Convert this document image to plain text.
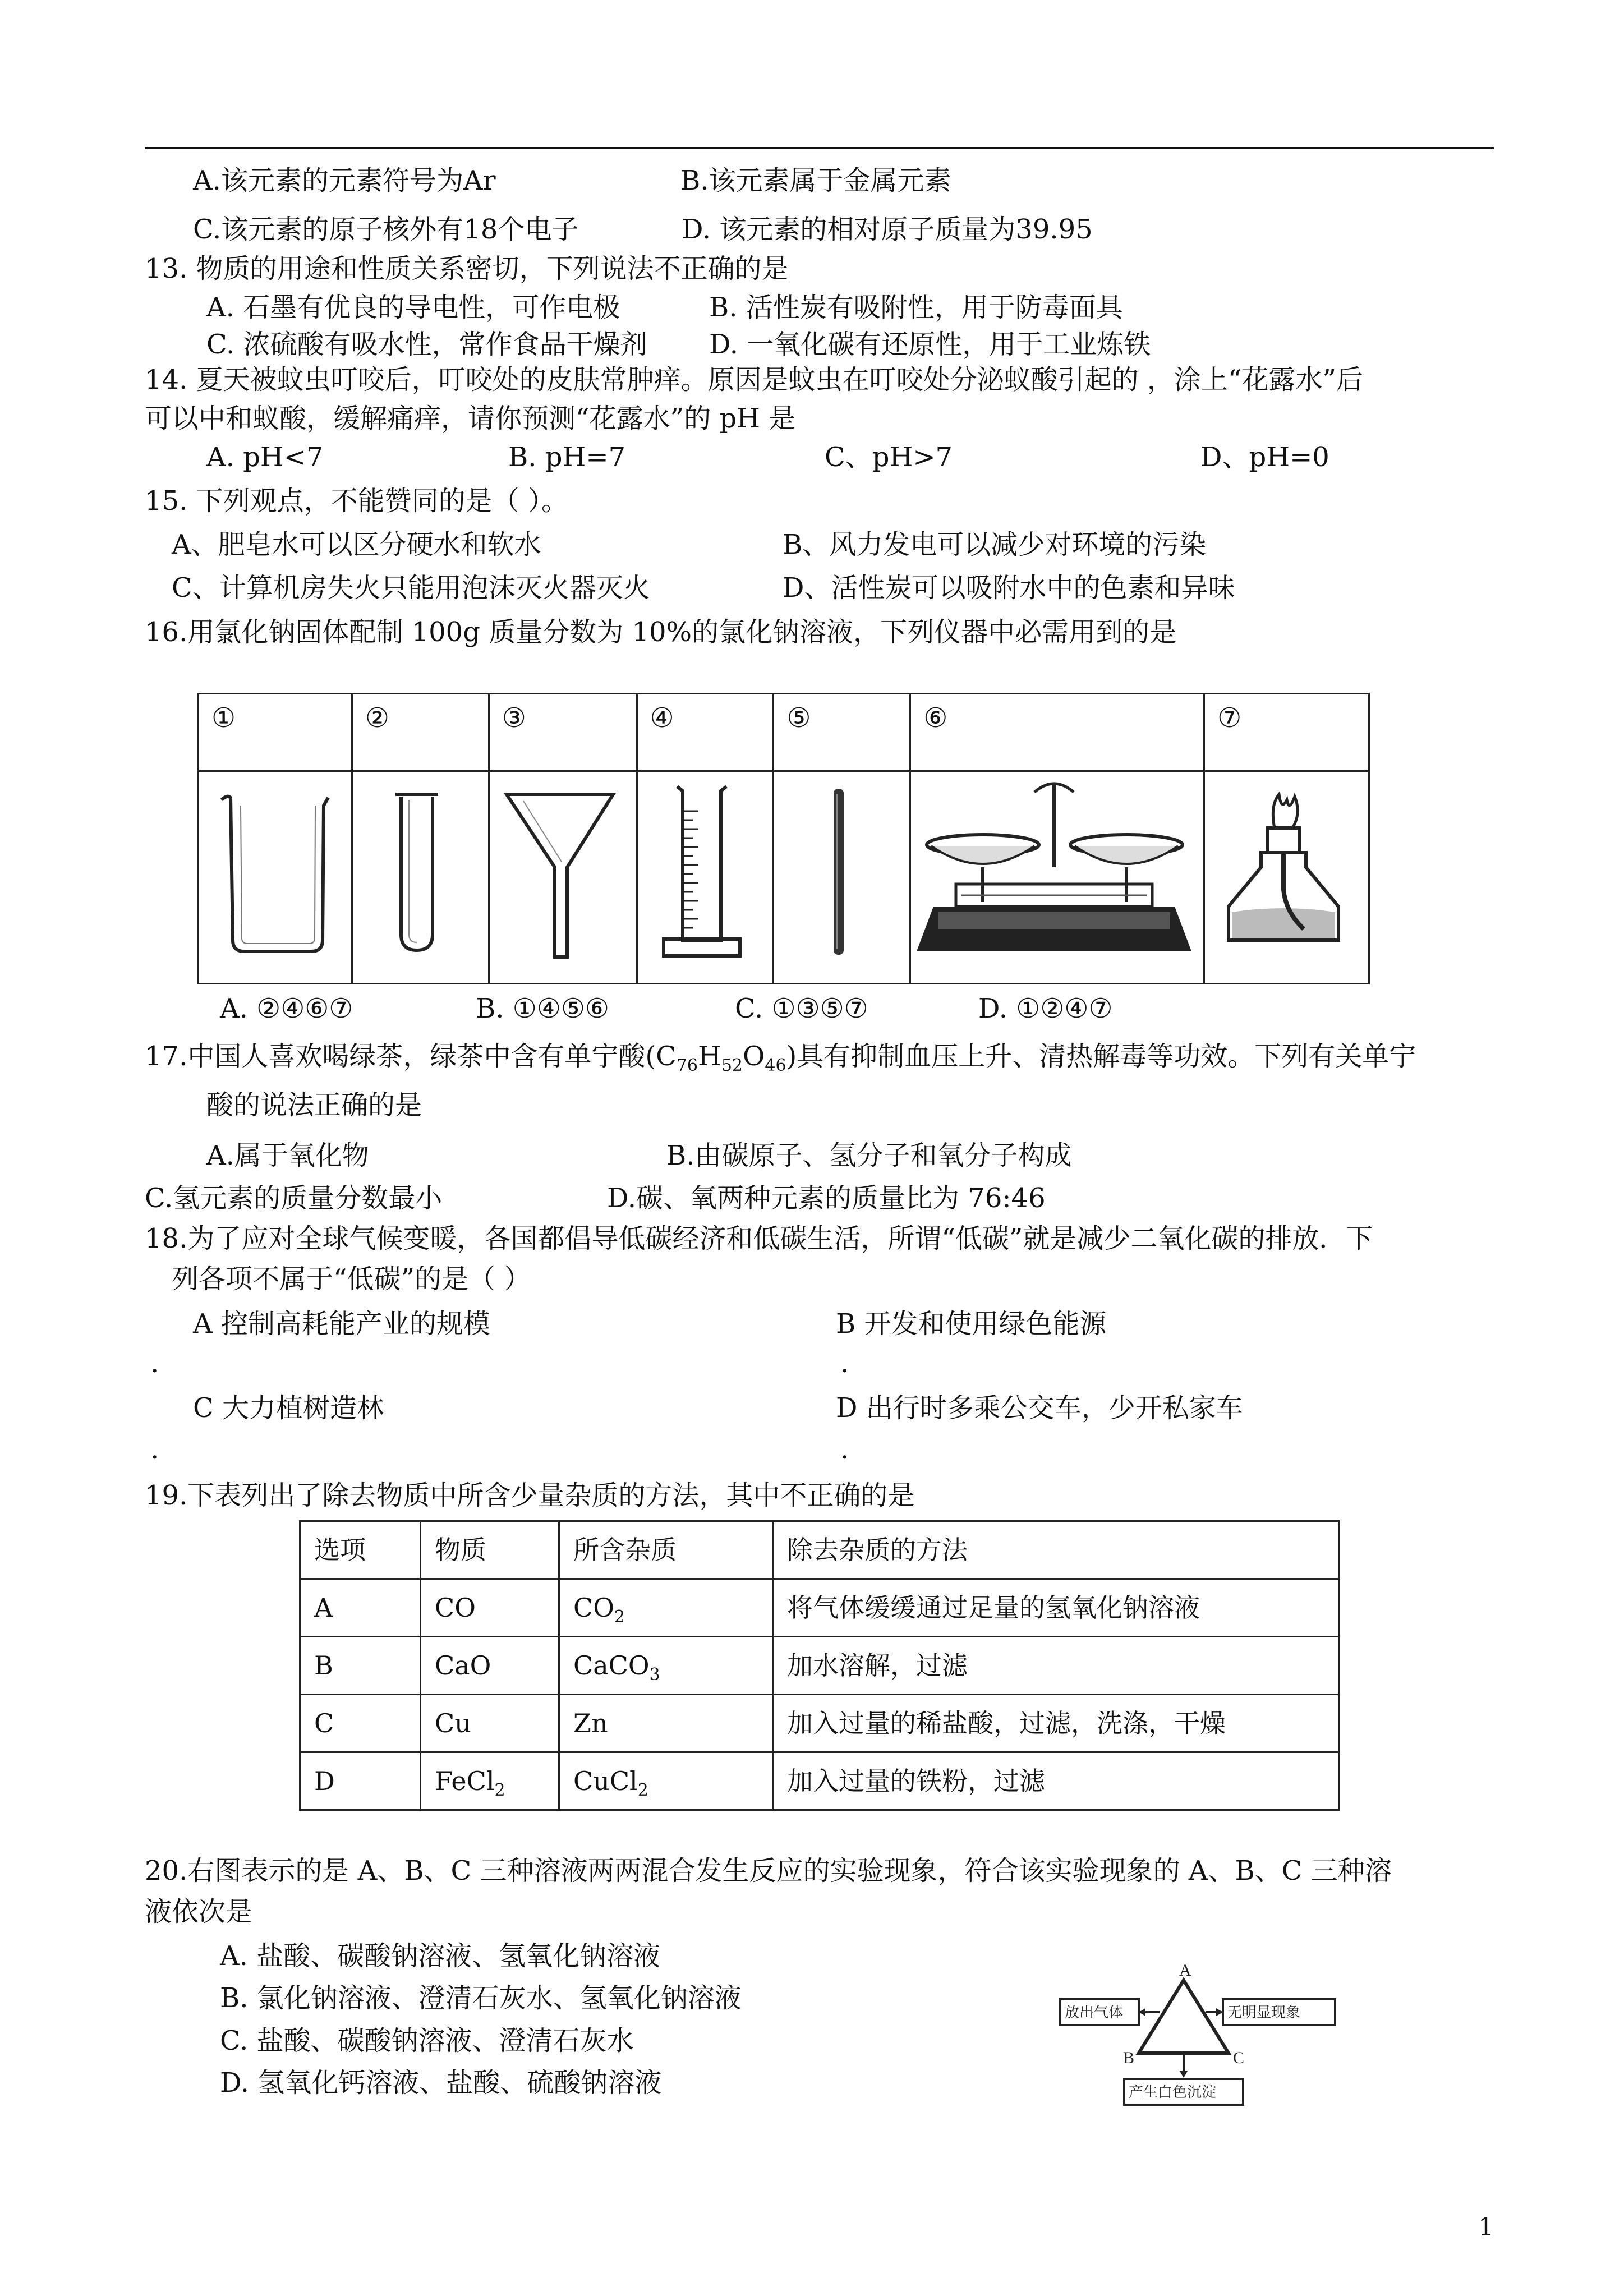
A.该元素的元素符号为Ar	B.该元素属于金属元素
C.该元素的原子核外有18个电子	D. 该元素的相对原子质量为39.95
13. 物质的用途和性质关系密切，下列说法不正确的是
A. 石墨有优良的导电性，可作电极	B. 活性炭有吸附性，用于防毒面具
C. 浓硫酸有吸水性，常作食品干燥剂 D. 一氧化碳有还原性，用于工业炼铁
14. 夏天被蚊虫叮咬后，叮咬处的皮肤常肿痒。原因是蚊虫在叮咬处分泌蚁酸引起的 ，涂上“花露水”后
可以中和蚁酸，缓解痛痒，请你预测“花露水”的 pH 是
A. pH<7	B. pH=7	C、pH>7	D、pH=0
15. 下列观点，不能赞同的是（ ）。
A、肥皂水可以区分硬水和软水	B、风力发电可以减少对环境的污染
C、计算机房失火只能用泡沫灭火器灭火	D、活性炭可以吸附水中的色素和异味
16.用氯化钠固体配制 100g 质量分数为 10%的氯化钠溶液，下列仪器中必需用到的是
①	②	③	④	⑤	⑥	⑦

A. ②④⑥⑦	B. ①④⑤⑥	C. ①③⑤⑦	D. ①②④⑦
17.中国人喜欢喝绿茶，绿茶中含有单宁酸$(C_{76}H_{52}O_{46})$具有抑制血压上升、清热解毒等功效。下列有关单宁
酸的说法正确的是
A.属于氧化物	B.由碳原子、氢分子和氧分子构成
C.氢元素的质量分数最小	D.碳、氧两种元素的质量比为 76:46
18.为了应对全球气候变暖，各国都倡导低碳经济和低碳生活，所谓“低碳”就是减少二氧化碳的排放．下
列各项不属于“低碳”的是（ ）
A 控制高耗能产业的规模	B 开发和使用绿色能源
.	.
C 大力植树造林	D 出行时多乘公交车，少开私家车
.	.
19.下表列出了除去物质中所含少量杂质的方法，其中不正确的是
选项	物质	所含杂质	除去杂质的方法
A	CO	$CO_2$	将气体缓缓通过足量的氢氧化钠溶液
B	CaO	CaCO$_3$	加水溶解，过滤
C	Cu	Zn	加入过量的稀盐酸，过滤，洗涤，干燥
D	FeCl$_2$	CuCl$_2$	加入过量的铁粉，过滤
20.右图表示的是 A、B、C 三种溶液两两混合发生反应的实验现象，符合该实验现象的 A、B、C 三种溶
液依次是
A. 盐酸、碳酸钠溶液、氢氧化钠溶液
B. 氯化钠溶液、澄清石灰水、氢氧化钠溶液
C. 盐酸、碳酸钠溶液、澄清石灰水
D. 氢氧化钙溶液、盐酸、硫酸钠溶液
A
B	C
放出气体	无明显现象
产生白色沉淀
1
